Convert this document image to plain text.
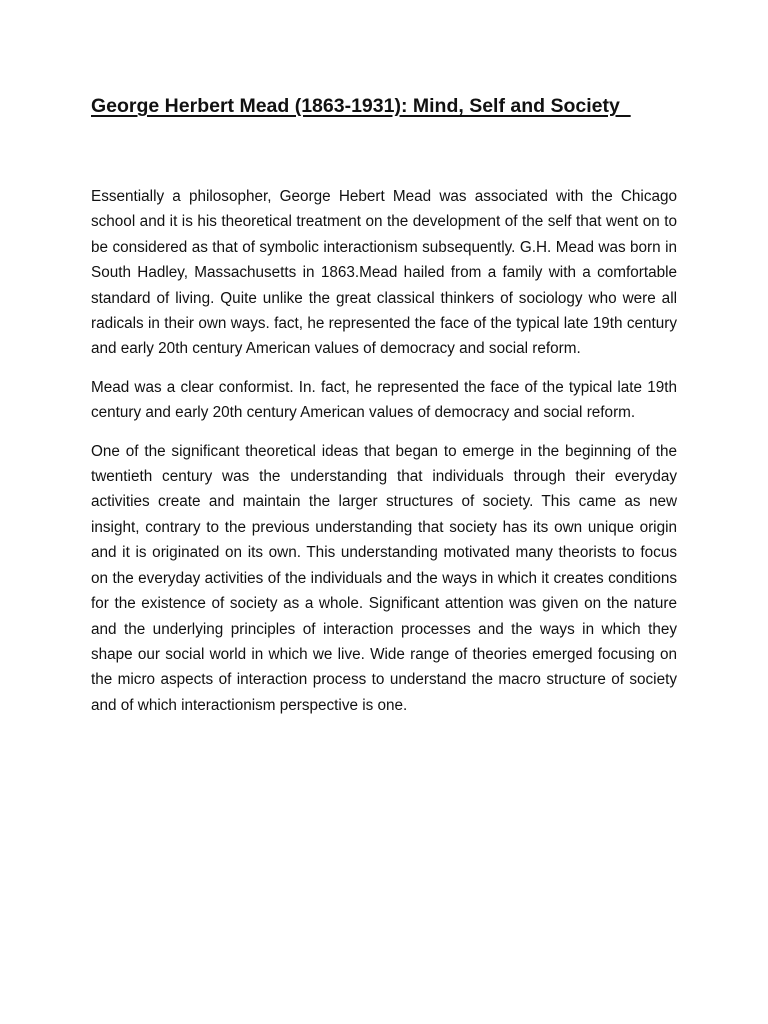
George Herbert Mead (1863-1931): Mind, Self and Society

Essentially a philosopher, George Hebert Mead was associated with the Chicago school and it is his theoretical treatment on the development of the self that went on to be considered as that of symbolic interactionism subsequently. G.H. Mead was born in South Hadley, Massachusetts in 1863.Mead hailed from a family with a comfortable standard of living. Quite unlike the great classical thinkers of sociology who were all radicals in their own ways. fact, he represented the face of the typical late 19th century and early 20th century American values of democracy and social reform.

Mead was a clear conformist. In. fact, he represented the face of the typical late 19th century and early 20th century American values of democracy and social reform.

One of the significant theoretical ideas that began to emerge in the beginning of the twentieth century was the understanding that individuals through their everyday activities create and maintain the larger structures of society. This came as new insight, contrary to the previous understanding that society has its own unique origin and it is originated on its own. This understanding motivated many theorists to focus on the everyday activities of the individuals and the ways in which it creates conditions for the existence of society as a whole. Significant attention was given on the nature and the underlying principles of interaction processes and the ways in which they shape our social world in which we live. Wide range of theories emerged focusing on the micro aspects of interaction process to understand the macro structure of society and of which interactionism perspective is one.
